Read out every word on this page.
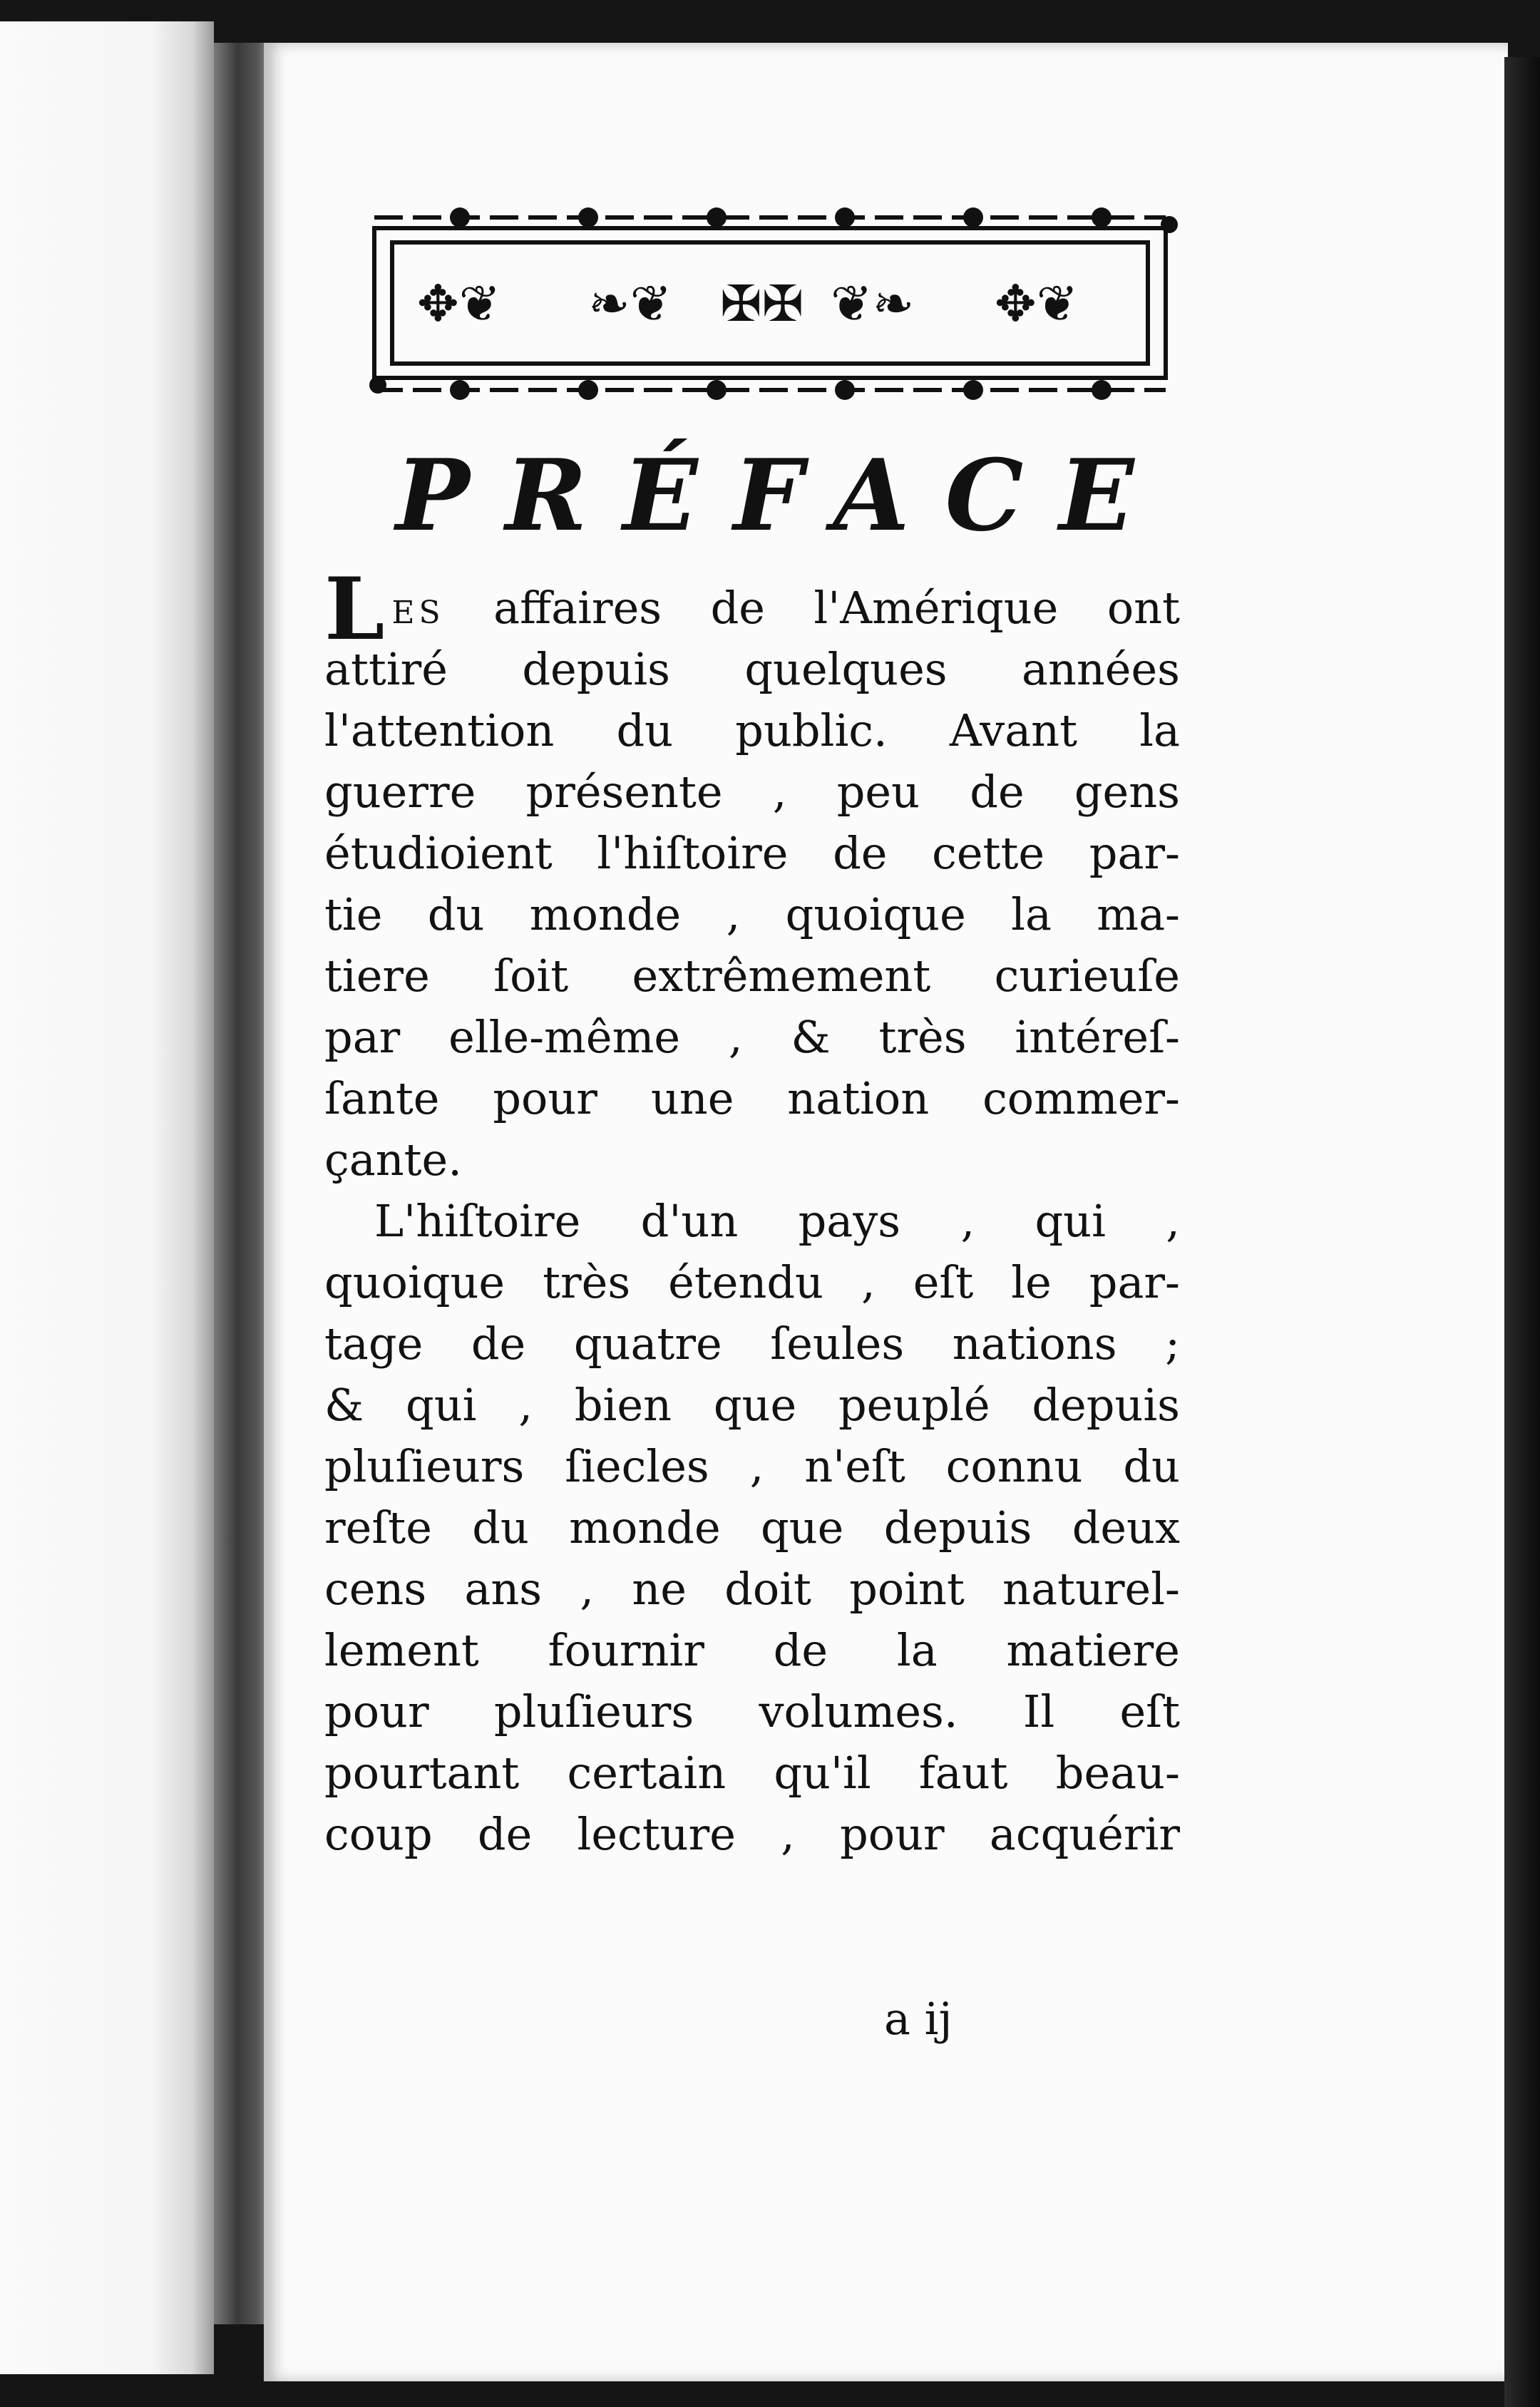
✥❦ ❧❦ ✠✠ ❦❧ ✥❦
PRÉFACE
LES affaires de l'Amérique ont
attiré depuis quelques années
l'attention du public. Avant la
guerre présente , peu de gens
étudioient l'hiſtoire de cette par-
tie du monde , quoique la ma-
tiere ſoit extrêmement curieuſe
par elle-même , & très intéreſ-
ſante pour une nation commer-
çante.
L'hiſtoire d'un pays , qui ,
quoique très étendu , eſt le par-
tage de quatre ſeules nations ;
& qui , bien que peuplé depuis
pluſieurs ſiecles , n'eſt connu du
reſte du monde que depuis deux
cens ans , ne doit point naturel-
lement fournir de la matiere
pour pluſieurs volumes. Il eſt
pourtant certain qu'il faut beau-
coup de lecture , pour acquérir
a ij
